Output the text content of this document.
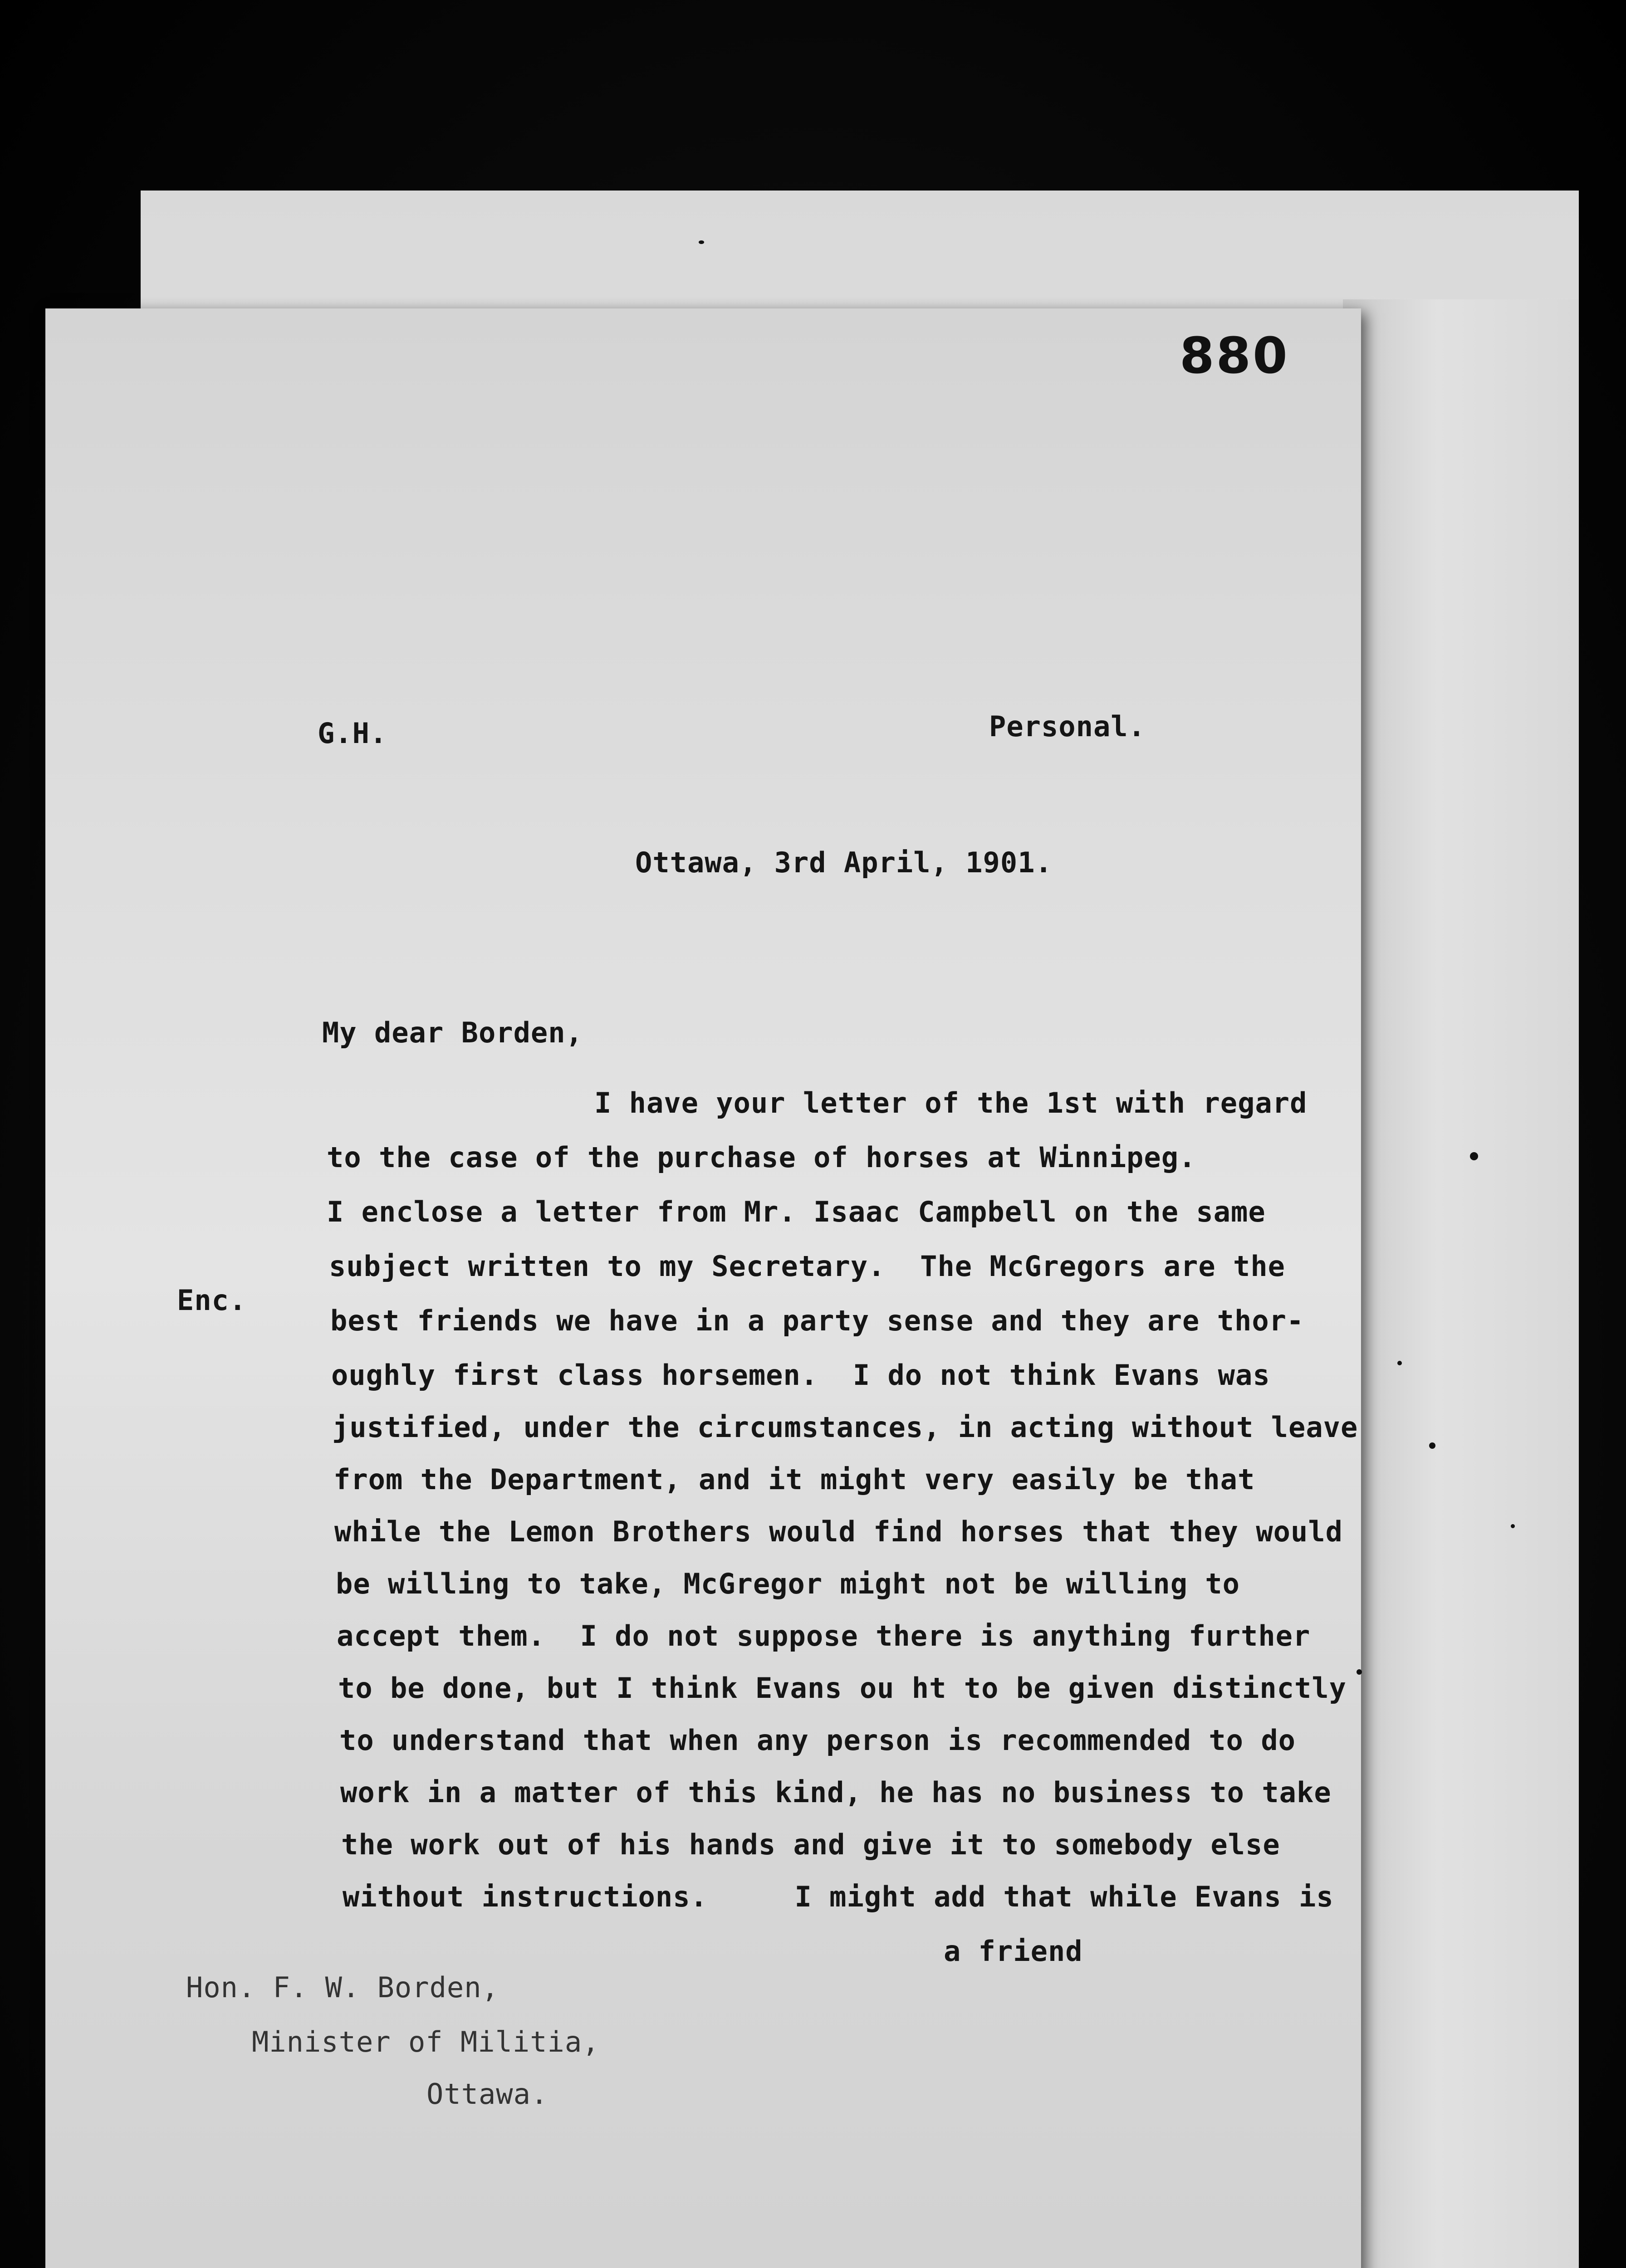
880
G.H.	Personal.
Ottawa, 3rd April, 1901.
My dear Borden,
Enc.
I have your letter of the 1st with regard
to the case of the purchase of horses at Winnipeg.
I enclose a letter from Mr. Isaac Campbell on the same
subject written to my Secretary.  The McGregors are the
best friends we have in a party sense and they are thor-
oughly first class horsemen.  I do not think Evans was
justified, under the circumstances, in acting without leave
from the Department, and it might very easily be that
while the Lemon Brothers would find horses that they would
be willing to take, McGregor might not be willing to
accept them.  I do not suppose there is anything further
to be done, but I think Evans ou ht to be given distinctly
to understand that when any person is recommended to do
work in a matter of this kind, he has no business to take
the work out of his hands and give it to somebody else
without instructions.     I might add that while Evans is
a friend
Hon. F. W. Borden,
Minister of Militia,
Ottawa.
